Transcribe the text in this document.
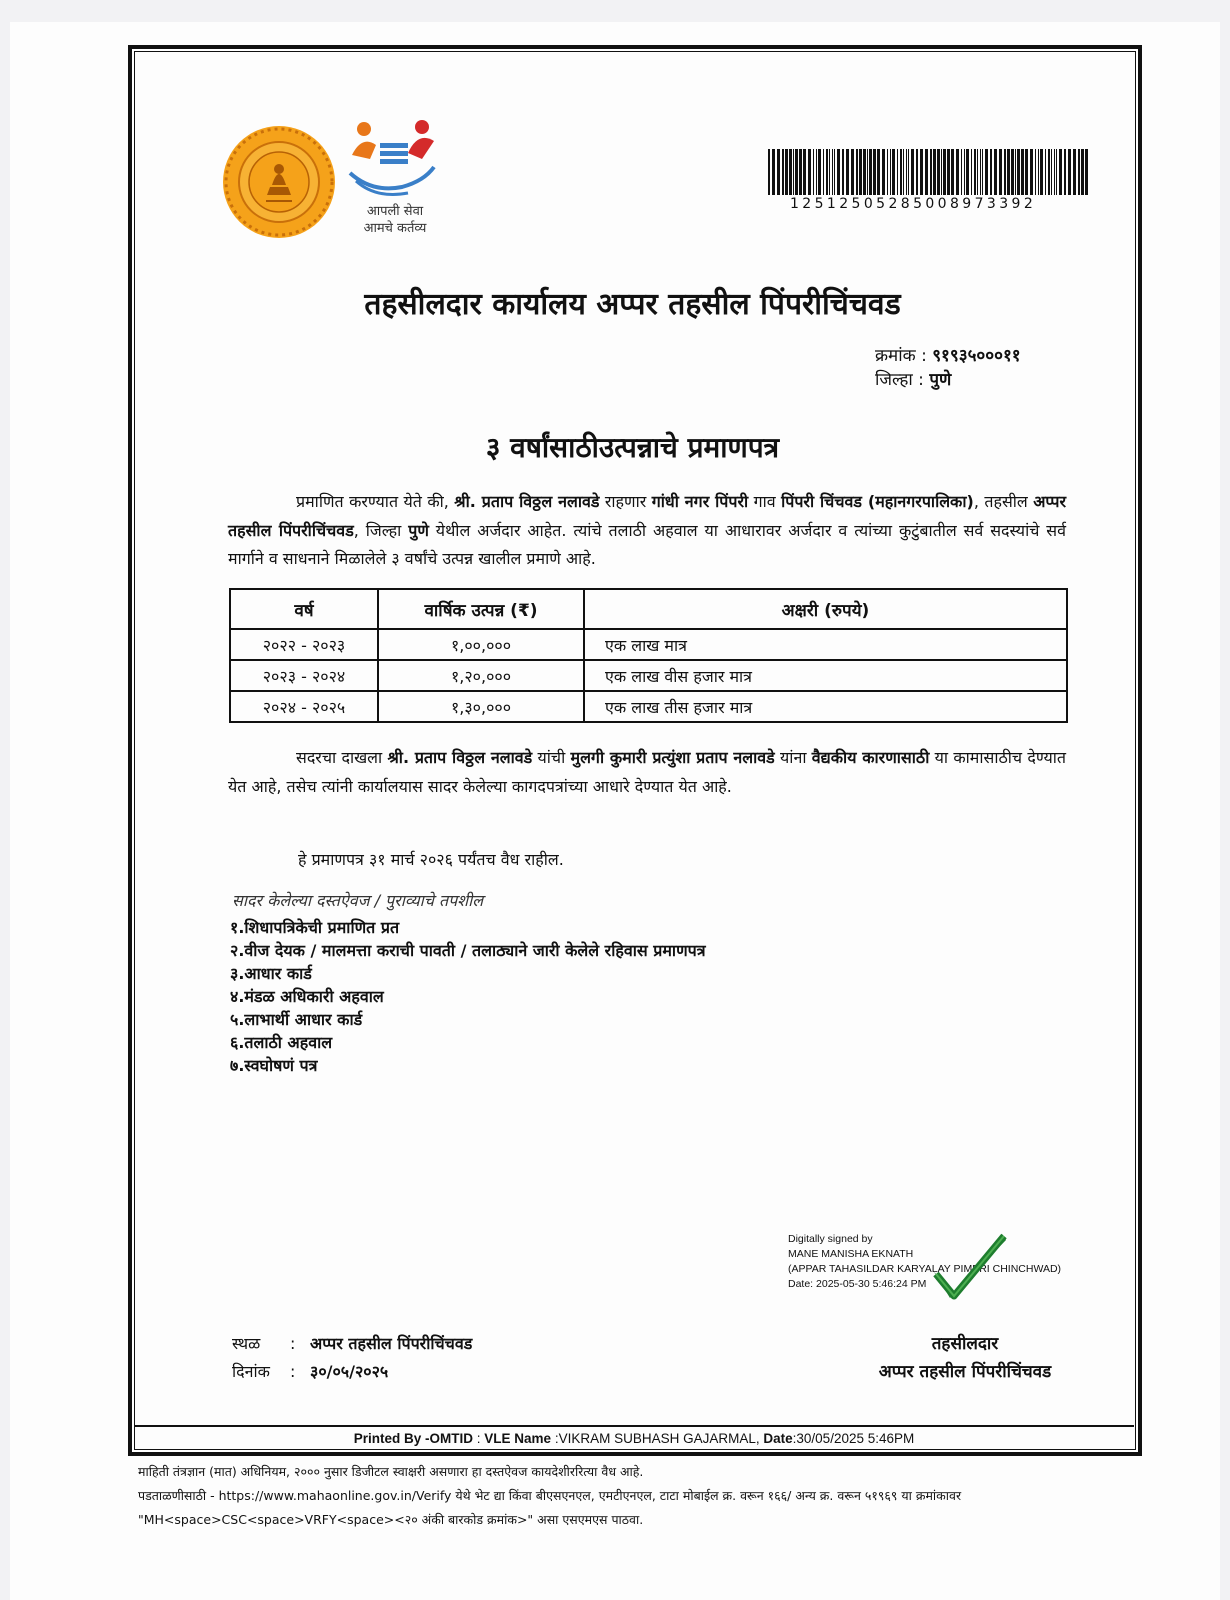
आपली सेवा
आमचे कर्तव्य
12512505285008973392
तहसीलदार कार्यालय अप्पर तहसील पिंपरीचिंचवड
क्रमांक : ९१९३५०००११
जिल्हा : पुणे
३ वर्षांसाठीउत्पन्नाचे प्रमाणपत्र
प्रमाणित करण्यात येते की, श्री. प्रताप विठ्ठल नलावडे राहणार गांधी नगर पिंपरी गाव पिंपरी चिंचवड (महानगरपालिका), तहसील अप्पर तहसील पिंपरीचिंचवड, जिल्हा पुणे येथील अर्जदार आहेत. त्यांचे तलाठी अहवाल या आधारावर अर्जदार व त्यांच्या कुटुंबातील सर्व सदस्यांचे सर्व मार्गाने व साधनाने मिळालेले ३ वर्षांचे उत्पन्न खालील प्रमाणे आहे.
वर्ष	वार्षिक उत्पन्न (₹)	अक्षरी (रुपये)
२०२२ - २०२३	१,००,०००	एक लाख मात्र
२०२३ - २०२४	१,२०,०००	एक लाख वीस हजार मात्र
२०२४ - २०२५	१,३०,०००	एक लाख तीस हजार मात्र
सदरचा दाखला श्री. प्रताप विठ्ठल नलावडे यांची मुलगी कुमारी प्रत्युंशा प्रताप नलावडे यांना वैद्यकीय कारणासाठी या कामासाठीच देण्यात येत आहे, तसेच त्यांनी कार्यालयास सादर केलेल्या कागदपत्रांच्या आधारे देण्यात येत आहे.
हे प्रमाणपत्र ३१ मार्च २०२६ पर्यंतच वैध राहील.
सादर केलेल्या दस्तऐवज / पुराव्याचे तपशील
१.शिधापत्रिकेची प्रमाणित प्रत
२.वीज देयक / मालमत्ता कराची पावती / तलाठ्याने जारी केलेले रहिवास प्रमाणपत्र
३.आधार कार्ड
४.मंडळ अधिकारी अहवाल
५.लाभार्थी आधार कार्ड
६.तलाठी अहवाल
७.स्वघोषणं पत्र
Digitally signed by
MANE MANISHA EKNATH
(APPAR TAHASILDAR KARYALAY PIMPRI CHINCHWAD)
Date: 2025-05-30 5:46:24 PM
स्थळ : अप्पर तहसील पिंपरीचिंचवड
दिनांक : ३०/०५/२०२५
तहसीलदार
अप्पर तहसील पिंपरीचिंचवड
Printed By -OMTID : VLE Name :VIKRAM SUBHASH GAJARMAL, Date:30/05/2025 5:46PM
माहिती तंत्रज्ञान (मात) अधिनियम, २००० नुसार डिजीटल स्वाक्षरी असणारा हा दस्तऐवज कायदेशीररित्या वैध आहे.
पडताळणीसाठी - https://www.mahaonline.gov.in/Verify येथे भेट द्या किंवा बीएसएनएल, एमटीएनएल, टाटा मोबाईल क्र. वरून १६६/ अन्य क्र. वरून ५१९६९ या क्रमांकावर
"MH<space>CSC<space>VRFY<space><२० अंकी बारकोड क्रमांक>" असा एसएमएस पाठवा.
